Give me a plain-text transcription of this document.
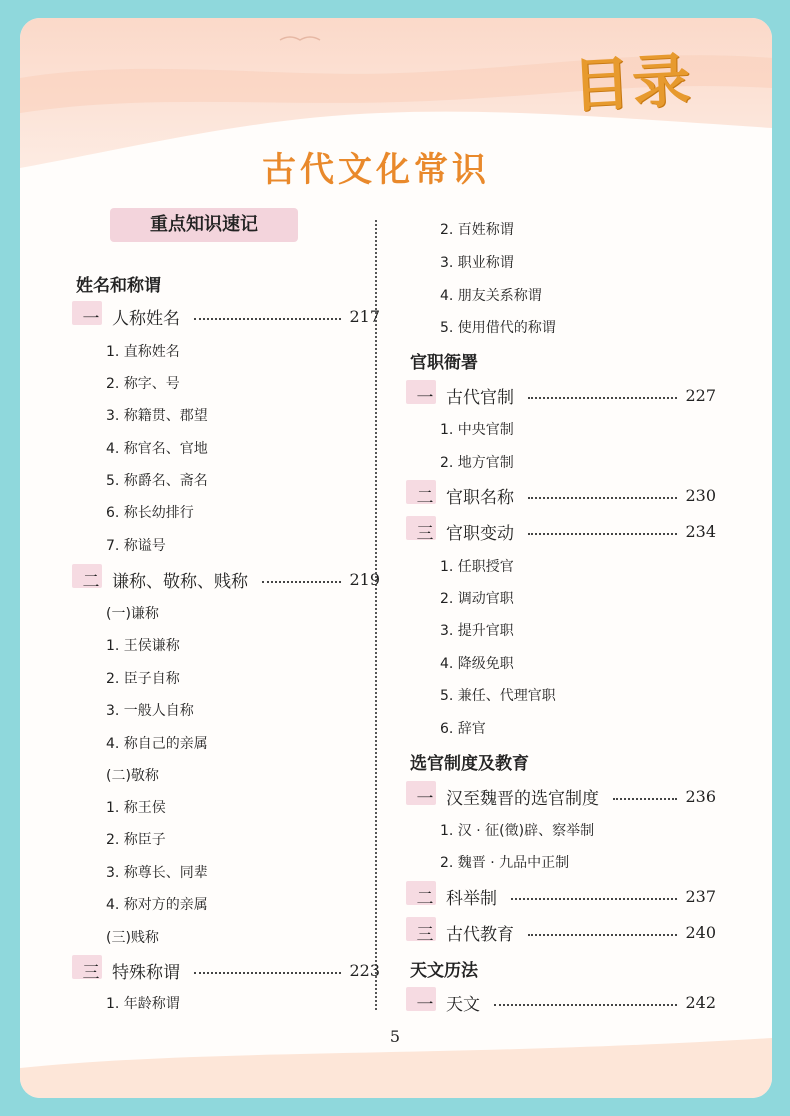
目录
古代文化常识
重点知识速记
姓名和称谓
一 人称姓名	217
1. 直称姓名
2. 称字、号
3. 称籍贯、郡望
4. 称官名、官地
5. 称爵名、斋名
6. 称长幼排行
7. 称谥号
二 谦称、敬称、贱称	219
(一)谦称
1. 王侯谦称
2. 臣子自称
3. 一般人自称
4. 称自己的亲属
(二)敬称
1. 称王侯
2. 称臣子
3. 称尊长、同辈
4. 称对方的亲属
(三)贱称
三 特殊称谓	223
1. 年龄称谓
2. 百姓称谓
3. 职业称谓
4. 朋友关系称谓
5. 使用借代的称谓
官职衙署
一 古代官制	227
1. 中央官制
2. 地方官制
二 官职名称	230
三 官职变动	234
1. 任职授官
2. 调动官职
3. 提升官职
4. 降级免职
5. 兼任、代理官职
6. 辞官
选官制度及教育
一 汉至魏晋的选官制度	236
1. 汉 · 征(徵)辟、察举制
2. 魏晋 · 九品中正制
二 科举制	237
三 古代教育	240
天文历法
一 天文	242
5
